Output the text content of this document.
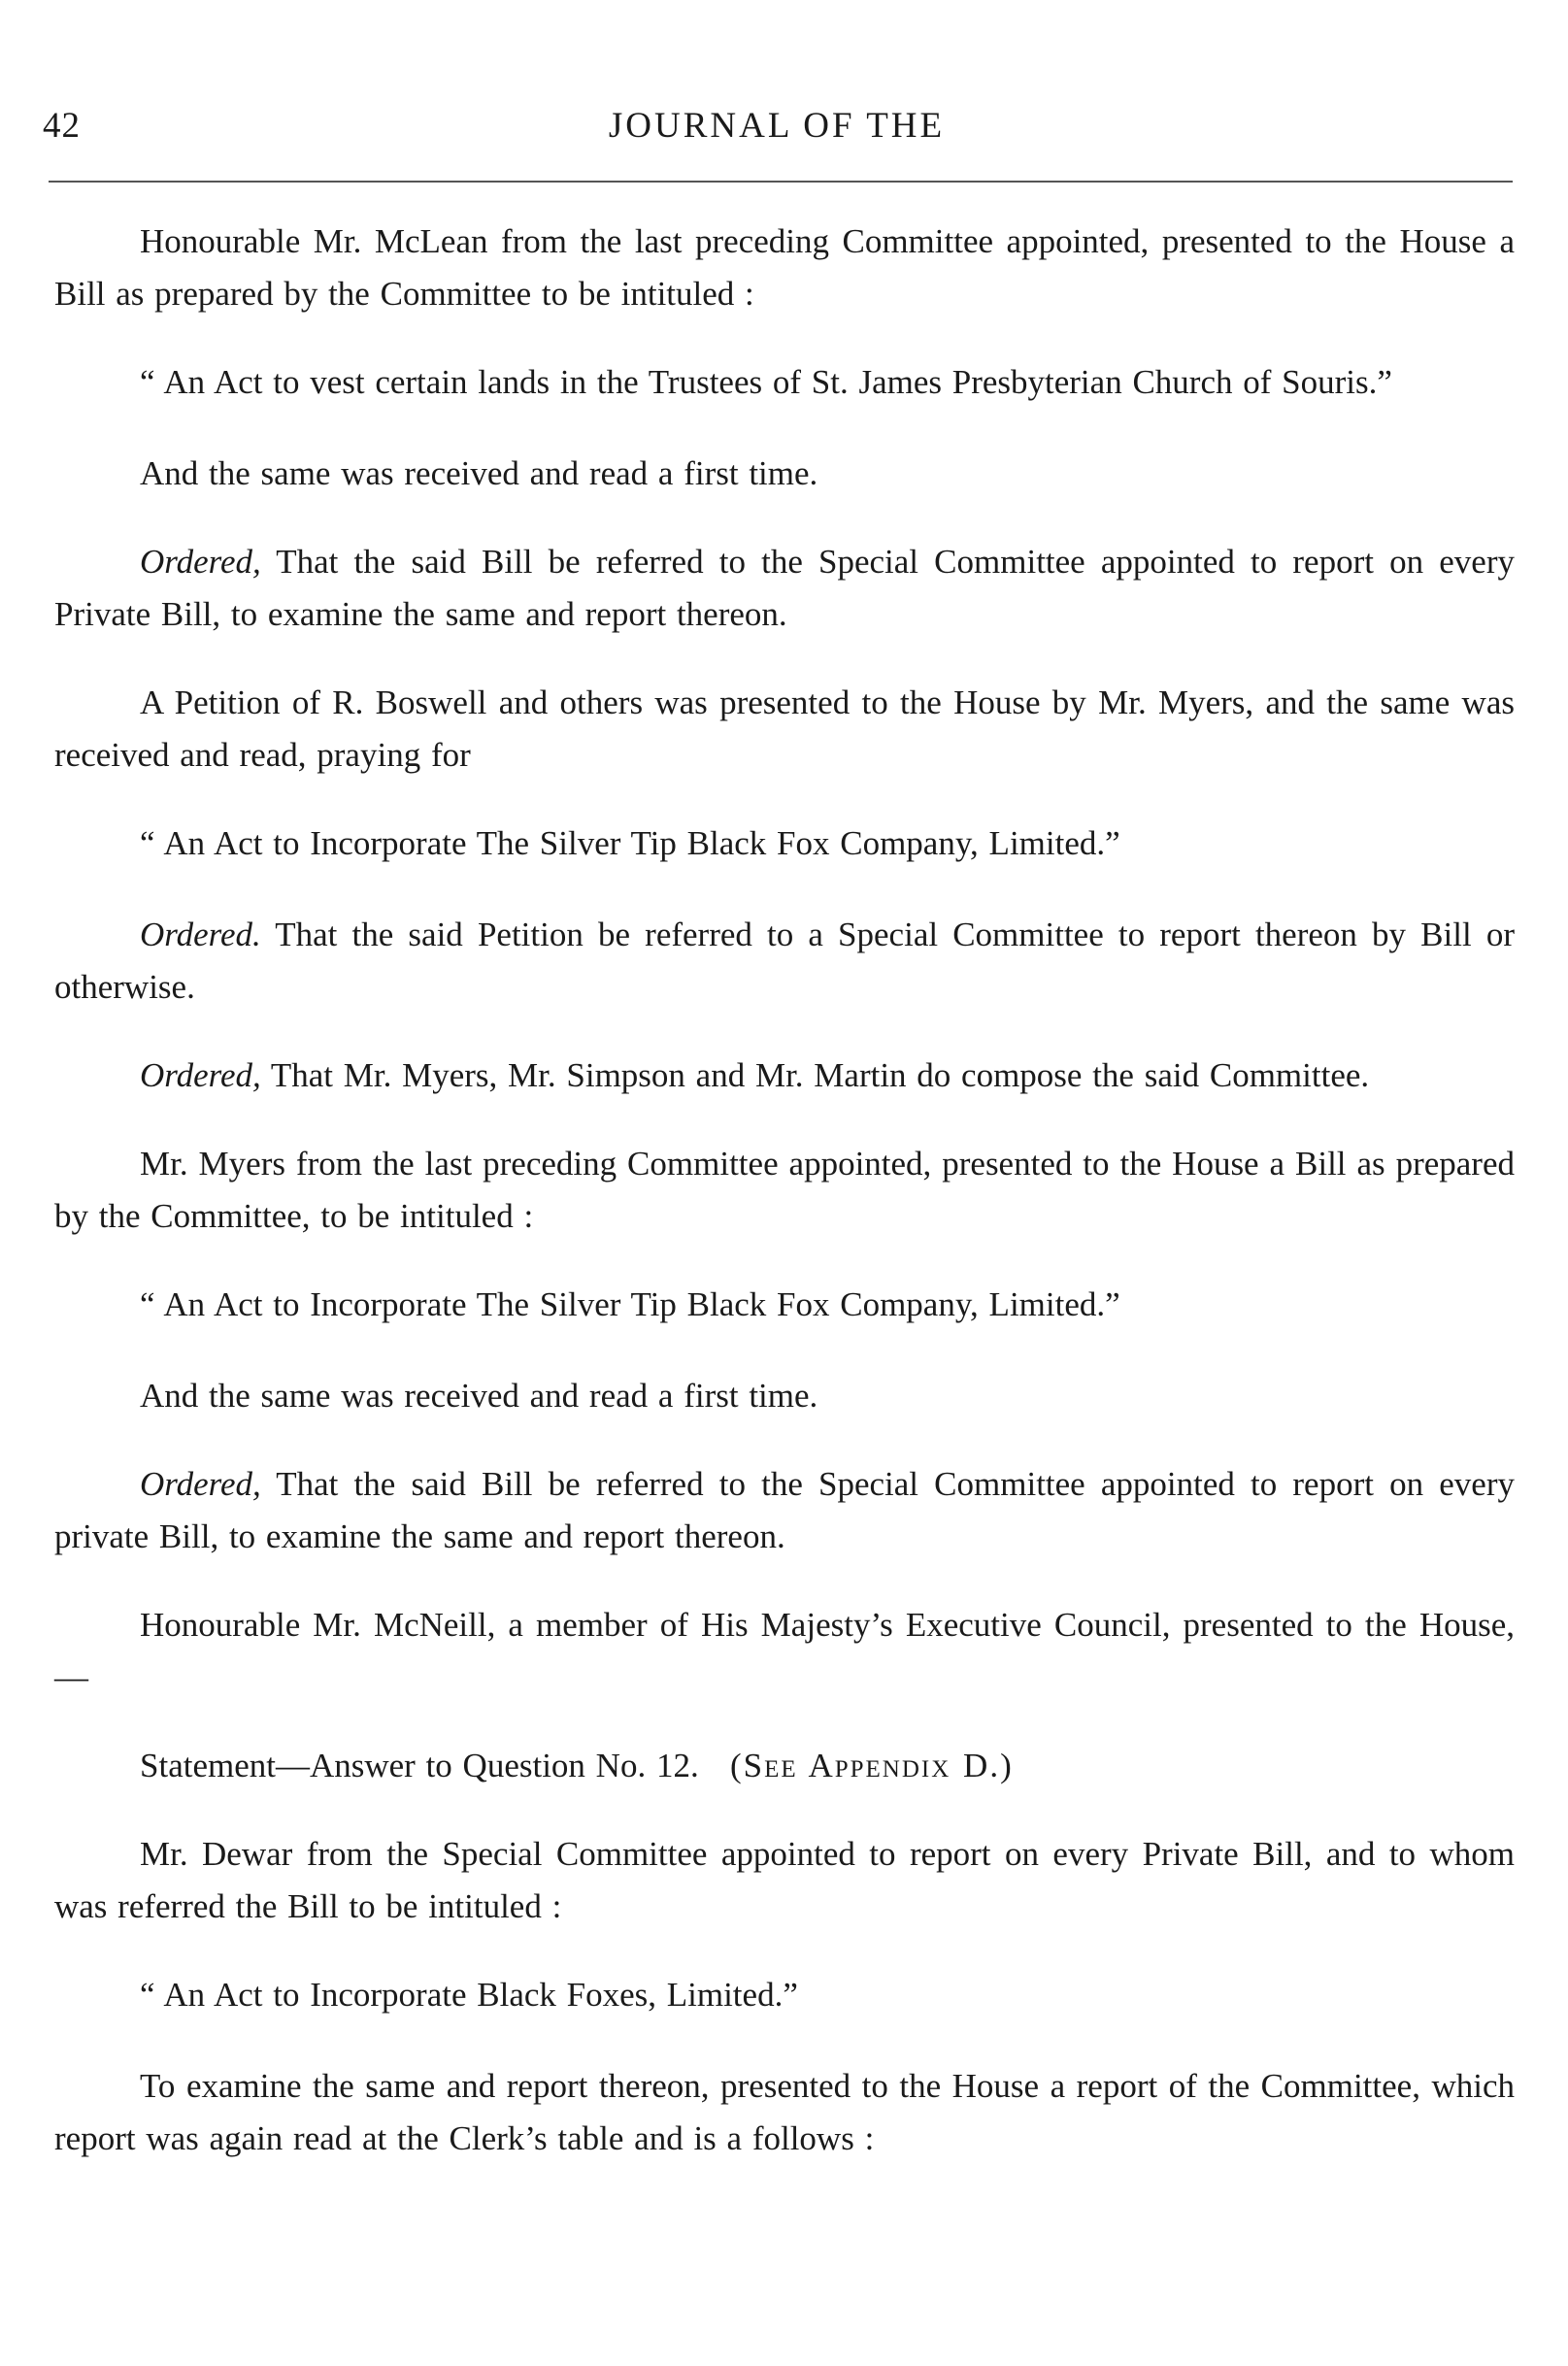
42	JOURNAL OF THE

Honourable Mr. McLean from the last preceding Committee appointed, presented to the House a Bill as prepared by the Committee to be intituled :

“ An Act to vest certain lands in the Trustees of St. James Presbyterian Church of Souris.”

And the same was received and read a first time.

Ordered, That the said Bill be referred to the Special Committee appointed to report on every Private Bill, to examine the same and report thereon.

A Petition of R. Boswell and others was presented to the House by Mr. Myers, and the same was received and read, praying for

“ An Act to Incorporate The Silver Tip Black Fox Company, Limited.”

Ordered. That the said Petition be referred to a Special Committee to report thereon by Bill or otherwise.

Ordered, That Mr. Myers, Mr. Simpson and Mr. Martin do compose the said Committee.

Mr. Myers from the last preceding Committee appointed, presented to the House a Bill as prepared by the Committee, to be intituled :

“ An Act to Incorporate The Silver Tip Black Fox Company, Limited.”

And the same was received and read a first time.

Ordered, That the said Bill be referred to the Special Committee appointed to report on every private Bill, to examine the same and report thereon.

Honourable Mr. McNeill, a member of His Majesty’s Executive Council, presented to the House,—

Statement—Answer to Question No. 12. (See Appendix D.)

Mr. Dewar from the Special Committee appointed to report on every Private Bill, and to whom was referred the Bill to be intituled :

“ An Act to Incorporate Black Foxes, Limited.”

To examine the same and report thereon, presented to the House a report of the Committee, which report was again read at the Clerk’s table and is a follows :
